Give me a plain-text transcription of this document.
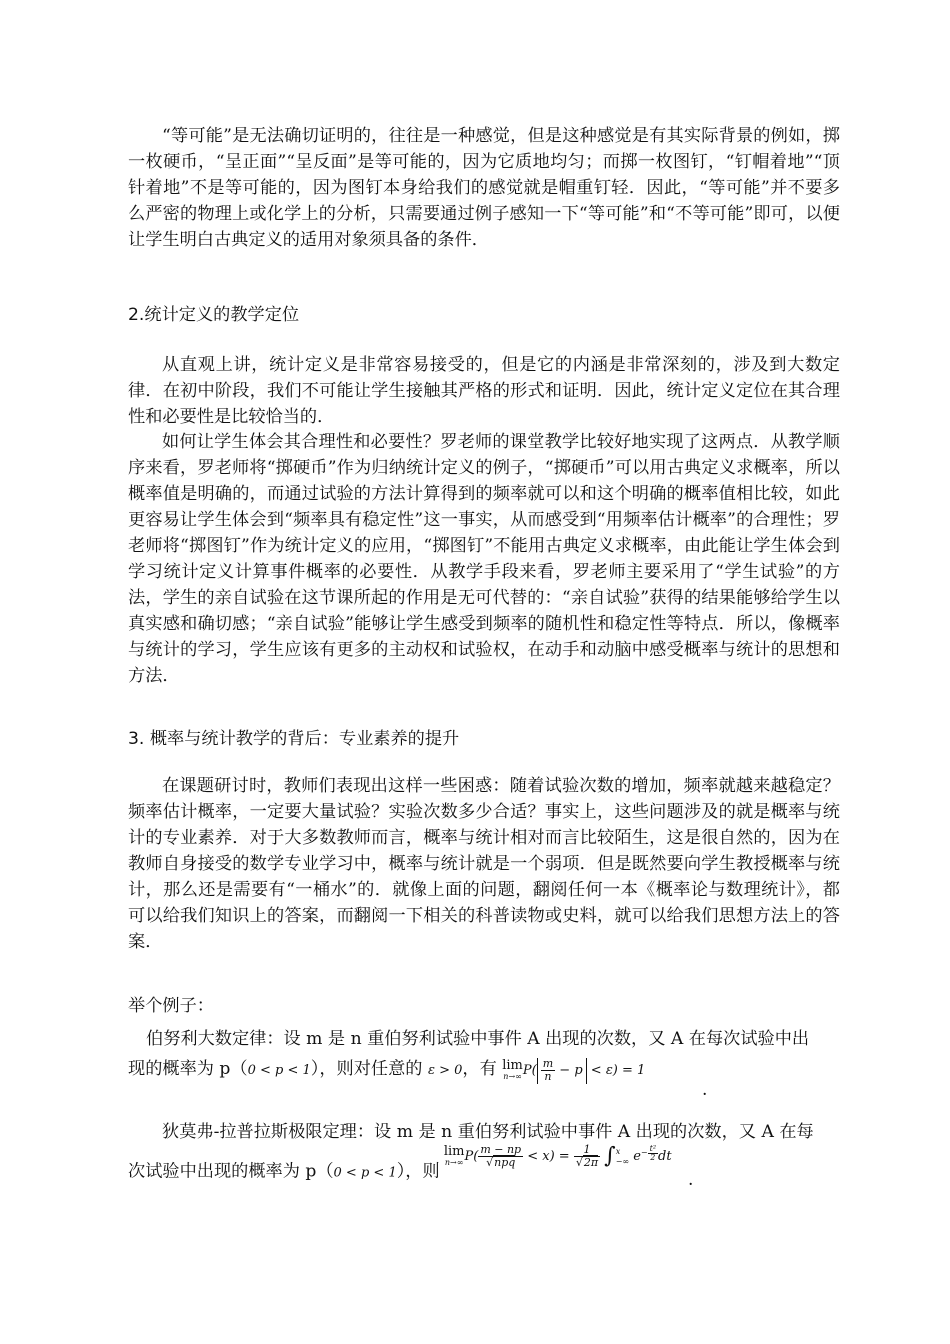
“等可能”是无法确切证明的，往往是一种感觉，但是这种感觉是有其实际背景的例如，掷一枚硬币，“呈正面”“呈反面”是等可能的，因为它质地均匀；而掷一枚图钉，“钉帽着地”“顶针着地”不是等可能的，因为图钉本身给我们的感觉就是帽重钉轻．因此，“等可能”并不要多么严密的物理上或化学上的分析，只需要通过例子感知一下“等可能”和“不等可能”即可，以便让学生明白古典定义的适用对象须具备的条件．

2.统计定义的教学定位

从直观上讲，统计定义是非常容易接受的，但是它的内涵是非常深刻的，涉及到大数定律．在初中阶段，我们不可能让学生接触其严格的形式和证明．因此，统计定义定位在其合理性和必要性是比较恰当的．

如何让学生体会其合理性和必要性？罗老师的课堂教学比较好地实现了这两点．从教学顺序来看，罗老师将“掷硬币”作为归纳统计定义的例子，“掷硬币”可以用古典定义求概率，所以概率值是明确的，而通过试验的方法计算得到的频率就可以和这个明确的概率值相比较，如此更容易让学生体会到“频率具有稳定性”这一事实，从而感受到“用频率估计概率”的合理性；罗老师将“掷图钉”作为统计定义的应用，“掷图钉”不能用古典定义求概率，由此能让学生体会到学习统计定义计算事件概率的必要性．从教学手段来看，罗老师主要采用了“学生试验”的方法，学生的亲自试验在这节课所起的作用是无可代替的：“亲自试验”获得的结果能够给学生以真实感和确切感；“亲自试验”能够让学生感受到频率的随机性和稳定性等特点．所以，像概率与统计的学习，学生应该有更多的主动权和试验权，在动手和动脑中感受概率与统计的思想和方法．

3. 概率与统计教学的背后：专业素养的提升

在课题研讨时，教师们表现出这样一些困惑：随着试验次数的增加，频率就越来越稳定？频率估计概率，一定要大量试验？实验次数多少合适？事实上，这些问题涉及的就是概率与统计的专业素养．对于大多数教师而言，概率与统计相对而言比较陌生，这是很自然的，因为在教师自身接受的数学专业学习中，概率与统计就是一个弱项．但是既然要向学生教授概率与统计，那么还是需要有“一桶水”的．就像上面的问题，翻阅任何一本《概率论与数理统计》，都可以给我们知识上的答案，而翻阅一下相关的科普读物或史料，就可以给我们思想方法上的答案．

举个例子：

伯努利大数定律：设 m 是 n 重伯努利试验中事件 A 出现的次数，又 A 在每次试验中出

现的概率为 p（0 < p < 1），则对任意的 ε > 0，有 lim
n→∞ $P( \frac{m}{n} - p < \varepsilon) = 1$

.

狄莫弗-拉普拉斯极限定理：设 m 是 n 重伯努利试验中事件 A 出现的次数，又 A 在每

次试验中出现的概率为 p（0 < p < 1），则
$^{lim n\to\infty P( \frac{m - np}{\text{√npq}} < x) = \frac{1}{√2\pi} \int x -\infty e^{- \frac{\text{t²}}{2}} dt}$

.
